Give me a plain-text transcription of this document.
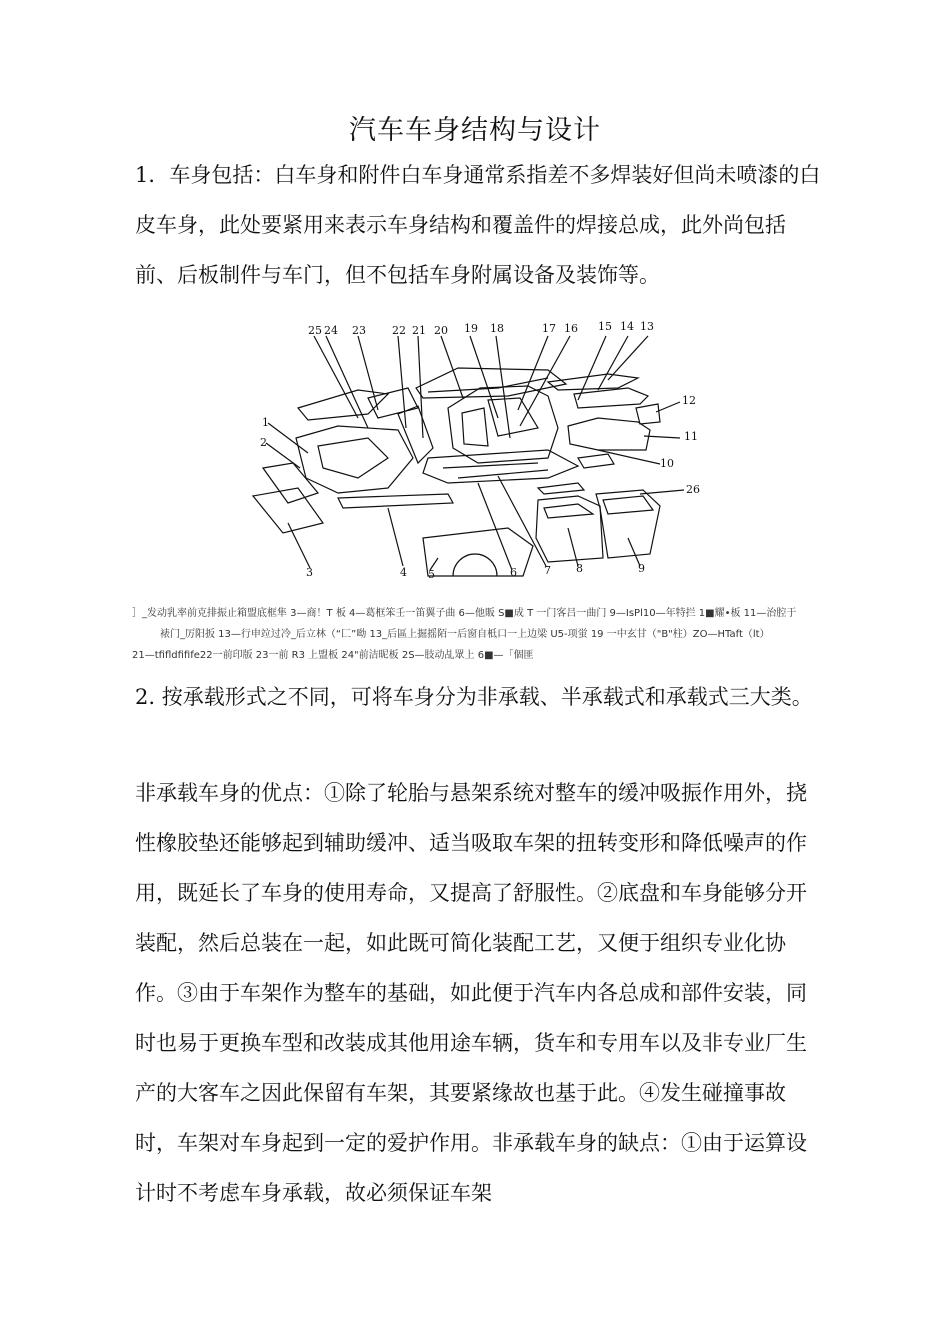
汽车车身结构与设计

1．车身包括：白车身和附件白车身通常系指差不多焊装好但尚未喷漆的白皮车身，此处要紧用来表示车身结构和覆盖件的焊接总成，此外尚包括前、后板制件与车门，但不包括车身附属设备及装饰等。

25 24 23 22 21 20 19 18	17 16 15 14 13
12
11
10
26
1
2
3	4 5	6 7 8	9
］_发动乳率前克排振止箱盟底框隼 3—商！T 板 4—葛框笨壬一笛翼子曲 6—他販 S■成 T 一门客吕一曲门 9—IsPl10—年特拦 1■耀•板 11—治腔于
裱门_厉阳扳 13—行申竝过冷_后立林（“匚”呦 13_后區上掘摇陌一后窗自柢口一上边梁 U5-项蛍 19 一中玄甘（"B"柱）ZO—HTaft（lt）
21—tfifldfifife22一前印版 23一前 R3 上盟板 24"前洁昵板 2S—肢动乩眾上 6■—「個匪

2. 按承载形式之不同，可将车身分为非承载、半承载式和承载式三大类。

非承载车身的优点：①除了轮胎与悬架系统对整车的缓冲吸振作用外，挠性橡胶垫还能够起到辅助缓冲、适当吸取车架的扭转变形和降低噪声的作用，既延长了车身的使用寿命，又提高了舒服性。②底盘和车身能够分开装配，然后总装在一起，如此既可简化装配工艺，又便于组织专业化协作。③由于车架作为整车的基础，如此便于汽车内各总成和部件安装，同时也易于更换车型和改装成其他用途车辆，货车和专用车以及非专业厂生产的大客车之因此保留有车架，其要紧缘故也基于此。④发生碰撞事故时，车架对车身起到一定的爱护作用。非承载车身的缺点：①由于运算设计时不考虑车身承载，故必须保证车架
